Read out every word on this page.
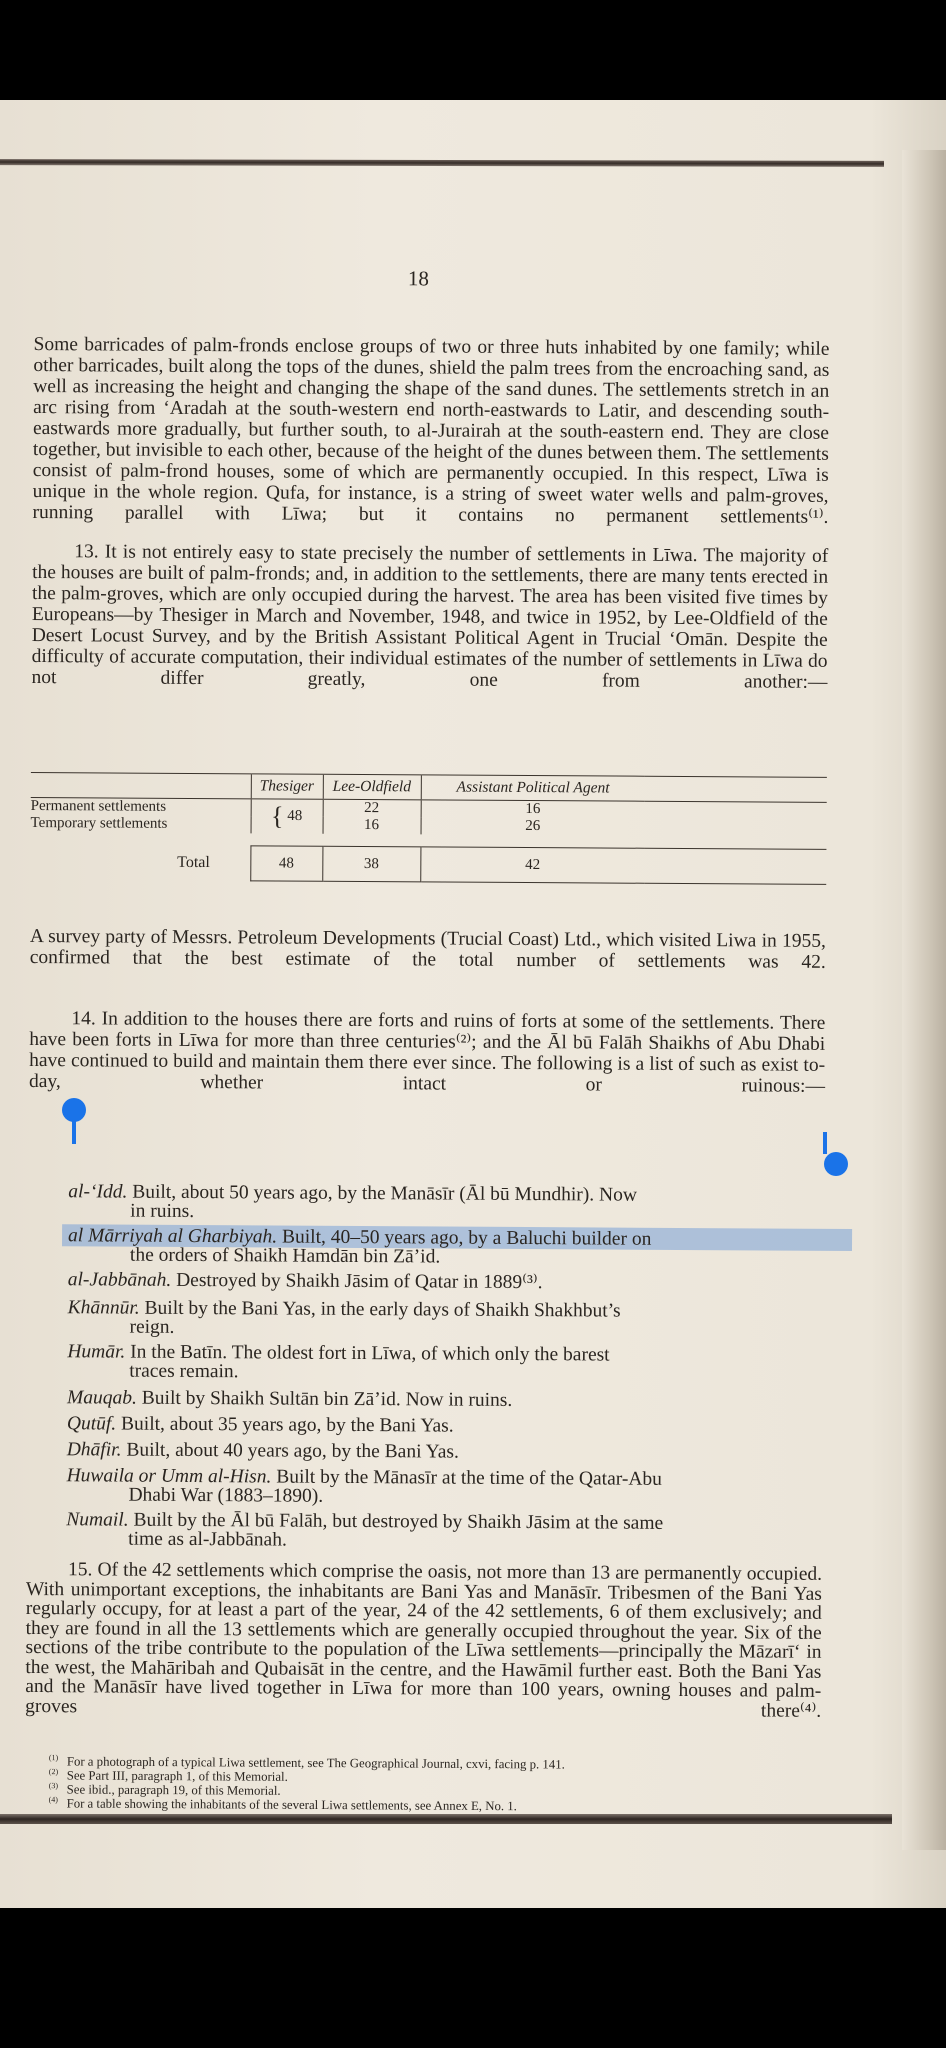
18

Some barricades of palm-fronds enclose groups of two or three huts inhabited by one family; while other barricades, built along the tops of the dunes, shield the palm trees from the encroaching sand, as well as increasing the height and changing the shape of the sand dunes. The settlements stretch in an arc rising from ‘Aradah at the south-western end north-eastwards to Latir, and descending south-eastwards more gradually, but further south, to al-Jurairah at the south-eastern end. They are close together, but invisible to each other, because of the height of the dunes between them. The settlements consist of palm-frond houses, some of which are permanently occupied. In this respect, Līwa is unique in the whole region. Qufa, for instance, is a string of sweet water wells and palm-groves, running parallel with Līwa; but it contains no permanent settlements⁽¹⁾.

13. It is not entirely easy to state precisely the number of settlements in Līwa. The majority of the houses are built of palm-fronds; and, in addition to the settlements, there are many tents erected in the palm-groves, which are only occupied during the harvest. The area has been visited five times by Europeans—by Thesiger in March and November, 1948, and twice in 1952, by Lee-Oldfield of the Desert Locust Survey, and by the British Assistant Political Agent in Trucial ‘Omān. Despite the difficulty of accurate computation, their individual estimates of the number of settlements in Līwa do not differ greatly, one from another:—

	Thesiger	Lee-Oldfield	Assistant Political Agent	
Permanent settlements	{ 48	22	16	
Temporary settlements		16	26	

Total	48	38	42	

A survey party of Messrs. Petroleum Developments (Trucial Coast) Ltd., which visited Liwa in 1955, confirmed that the best estimate of the total number of settlements was 42.

14. In addition to the houses there are forts and ruins of forts at some of the settlements. There have been forts in Līwa for more than three centuries⁽²⁾; and the Āl bū Falāh Shaikhs of Abu Dhabi have continued to build and maintain them there ever since. The following is a list of such as exist to-day, whether intact or ruinous:—

al-‘Idd. Built, about 50 years ago, by the Manāsīr (Āl bū Mundhir). Now
in ruins.
al Mārriyah al Gharbiyah. Built, 40–50 years ago, by a Baluchi builder on
the orders of Shaikh Hamdān bin Zā’id.
al-Jabbānah. Destroyed by Shaikh Jāsim of Qatar in 1889⁽³⁾.
Khānnūr. Built by the Bani Yas, in the early days of Shaikh Shakhbut’s
reign.
Humār. In the Batīn. The oldest fort in Līwa, of which only the barest
traces remain.
Mauqab. Built by Shaikh Sultān bin Zā’id. Now in ruins.
Qutūf. Built, about 35 years ago, by the Bani Yas.
Dhāfir. Built, about 40 years ago, by the Bani Yas.
Huwaila or Umm al-Hisn. Built by the Mānasīr at the time of the Qatar-Abu
Dhabi War (1883–1890).
Numail. Built by the Āl bū Falāh, but destroyed by Shaikh Jāsim at the same
time as al-Jabbānah.

15. Of the 42 settlements which comprise the oasis, not more than 13 are permanently occupied. With unimportant exceptions, the inhabitants are Bani Yas and Manāsīr. Tribesmen of the Bani Yas regularly occupy, for at least a part of the year, 24 of the 42 settlements, 6 of them exclusively; and they are found in all the 13 settlements which are generally occupied throughout the year. Six of the sections of the tribe contribute to the population of the Līwa settlements—principally the Māzarī‘ in the west, the Mahāribah and Qubaisāt in the centre, and the Hawāmil further east. Both the Bani Yas and the Manāsīr have lived together in Līwa for more than 100 years, owning houses and palm-groves there⁽⁴⁾.

$^{(1)}$ For a photograph of a typical Liwa settlement, see The Geographical Journal, cxvi, facing p. 141.
$^{(2)}$ See Part III, paragraph 1, of this Memorial.
$^{(3)}$ See ibid., paragraph 19, of this Memorial.
$^{(4)}$ For a table showing the inhabitants of the several Liwa settlements, see Annex E, No. 1.
